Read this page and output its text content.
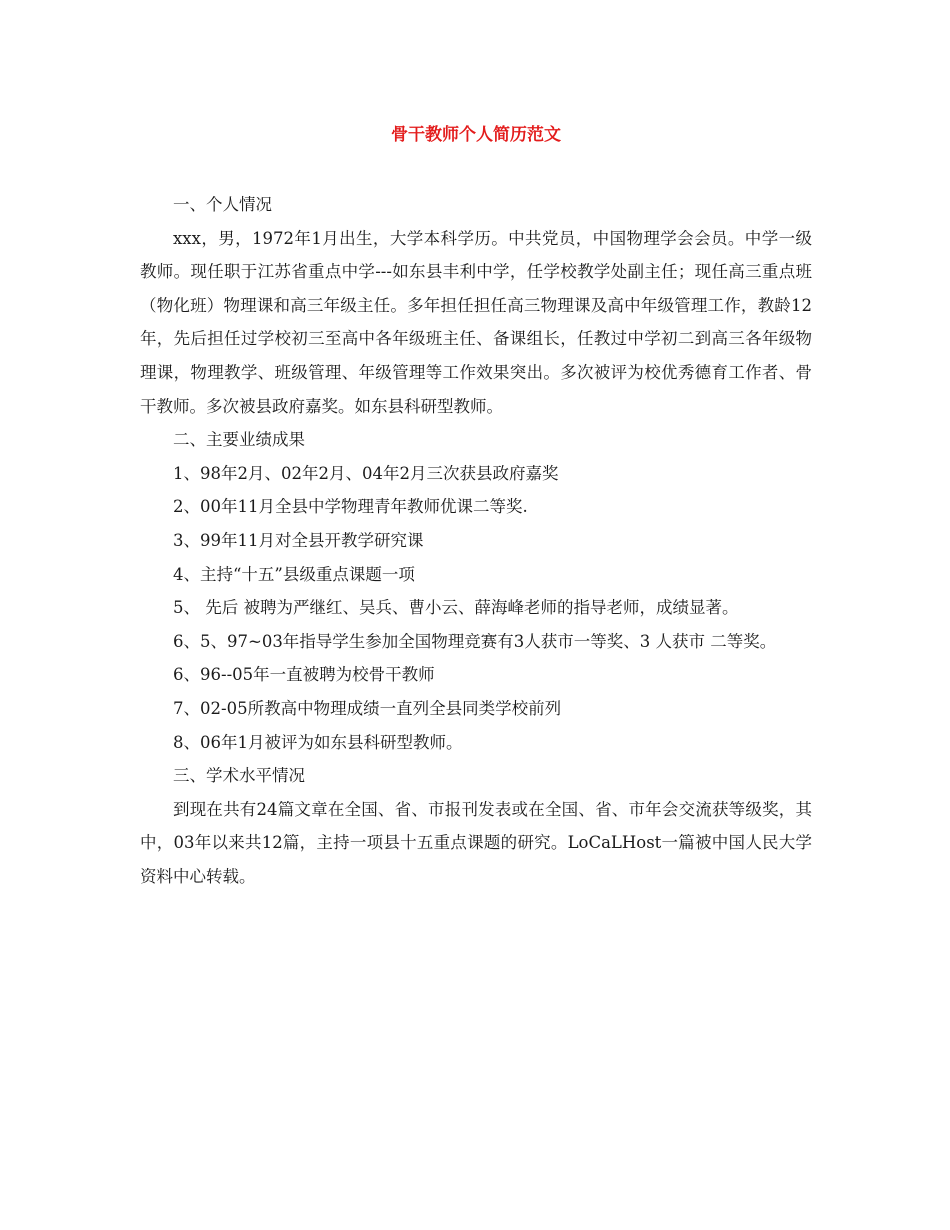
骨干教师个人简历范文

一、个人情况

xxx，男，1972年1月出生，大学本科学历。中共党员，中国物理学会会员。中学一级教师。现任职于江苏省重点中学---如东县丰利中学，任学校教学处副主任；现任高三重点班（物化班）物理课和高三年级主任。多年担任担任高三物理课及高中年级管理工作，教龄12年，先后担任过学校初三至高中各年级班主任、备课组长，任教过中学初二到高三各年级物理课，物理教学、班级管理、年级管理等工作效果突出。多次被评为校优秀德育工作者、骨干教师。多次被县政府嘉奖。如东县科研型教师。

二、主要业绩成果

1、98年2月、02年2月、04年2月三次获县政府嘉奖

2、00年11月全县中学物理青年教师优课二等奖.

3、99年11月对全县开教学研究课

4、主持“十五”县级重点课题一项

5、 先后 被聘为严继红、吴兵、曹小云、薛海峰老师的指导老师，成绩显著。

6、5、97~03年指导学生参加全国物理竞赛有3人获市一等奖、3 人获市 二等奖。

6、96--05年一直被聘为校骨干教师

7、02-05所教高中物理成绩一直列全县同类学校前列

8、06年1月被评为如东县科研型教师。

三、学术水平情况

到现在共有24篇文章在全国、省、市报刊发表或在全国、省、市年会交流获等级奖，其中，03年以来共12篇，主持一项县十五重点课题的研究。LoCaLHost一篇被中国人民大学资料中心转载。
